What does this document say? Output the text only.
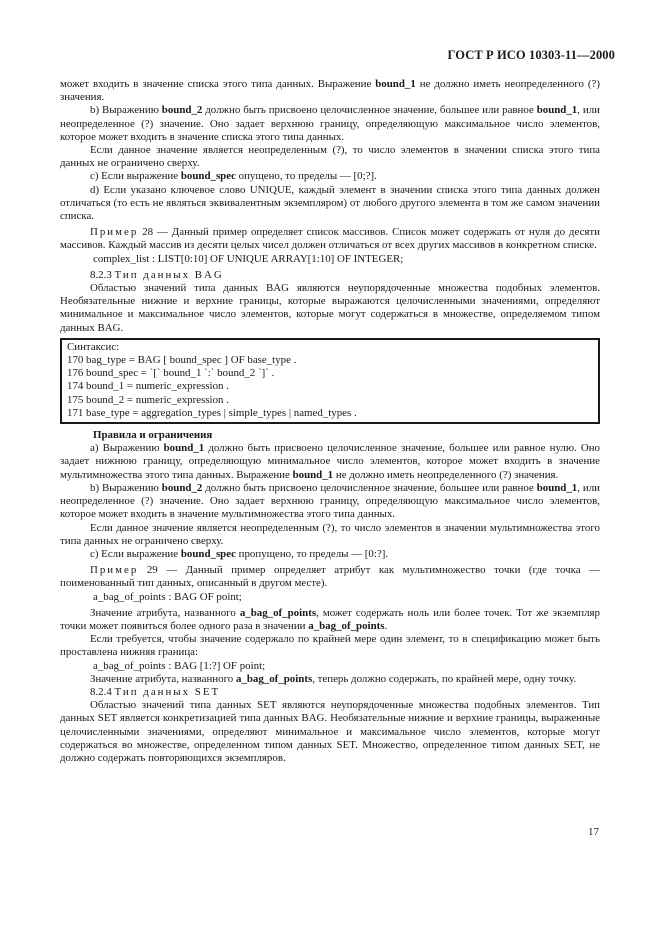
ГОСТ Р ИСО 10303-11—2000

может входить в значение списка этого типа данных. Выражение bound_1 не должно иметь неопределенного (?) значения.

b) Выражению bound_2 должно быть присвоено целочисленное значение, большее или равное bound_1, или неопределенное (?) значение. Оно задает верхнюю границу, определяющую максимальное число элементов, которое может входить в значение списка этого типа данных.

Если данное значение является неопределенным (?), то число элементов в значении списка этого типа данных не ограничено сверху.

c) Если выражение bound_spec опущено, то пределы — [0;?].

d) Если указано ключевое слово UNIQUE, каждый элемент в значении списка этого типа данных должен отличаться (то есть не являться эквивалентным экземпляром) от любого другого элемента в том же самом значении списка.

Пример 28 — Данный пример определяет список массивов. Список может содержать от нуля до десяти массивов. Каждый массив из десяти целых чисел должен отличаться от всех других массивов в конкретном списке.

complex_list : LIST[0:10] OF UNIQUE ARRAY[1:10] OF INTEGER;

8.2.3 Тип данных BAG

Областью значений типа данных BAG являются неупорядоченные множества подобных элементов. Необязательные нижние и верхние границы, которые выражаются целочисленными значениями, определяют минимальное и максимальное число элементов, которые могут содержаться в множестве, определяемом типом данных BAG.

Синтаксис:
170 bag_type = BAG [ bound_spec ] OF base_type .
176 bound_spec = `[` bound_1 `:` bound_2 `]` .
174 bound_1 = numeric_expression .
175 bound_2 = numeric_expression .
171 base_type = aggregation_types | simple_types | named_types .

Правила и ограничения

a) Выражению bound_1 должно быть присвоено целочисленное значение, большее или равное нулю. Оно задает нижнюю границу, определяющую минимальное число элементов, которое может входить в значение мультимножества этого типа данных. Выражение bound_1 не должно иметь неопределенного (?) значения.

b) Выражению bound_2 должно быть присвоено целочисленное значение, большее или равное bound_1, или неопределенное (?) значение. Оно задает верхнюю границу, определяющую максимальное число элементов, которое может входить в значение мультимножества этого типа данных.

Если данное значение является неопределенным (?), то число элементов в значении мультимножества этого типа данных не ограничено сверху.

c) Если выражение bound_spec пропущено, то пределы — [0:?].

Пример 29 — Данный пример определяет атрибут как мультимножество точки (где точка — поименованный тип данных, описанный в другом месте).

a_bag_of_points : BAG OF point;

Значение атрибута, названного a_bag_of_points, может содержать ноль или более точек. Тот же экземпляр точки может появиться более одного раза в значении a_bag_of_points.

Если требуется, чтобы значение содержало по крайней мере один элемент, то в спецификацию может быть проставлена нижняя граница:

a_bag_of_points : BAG [1:?] OF point;

Значение атрибута, названного a_bag_of_points, теперь должно содержать, по крайней мере, одну точку.

8.2.4 Тип данных SET

Областью значений типа данных SET являются неупорядоченные множества подобных элементов. Тип данных SET является конкретизацией типа данных BAG. Необязательные нижние и верхние границы, выраженные целочисленными значениями, определяют минимальное и максимальное число элементов, которые могут содержаться во множестве, определенном типом данных SET. Множество, определенное типом данных SET, не должно содержать повторяющихся экземпляров.

17
